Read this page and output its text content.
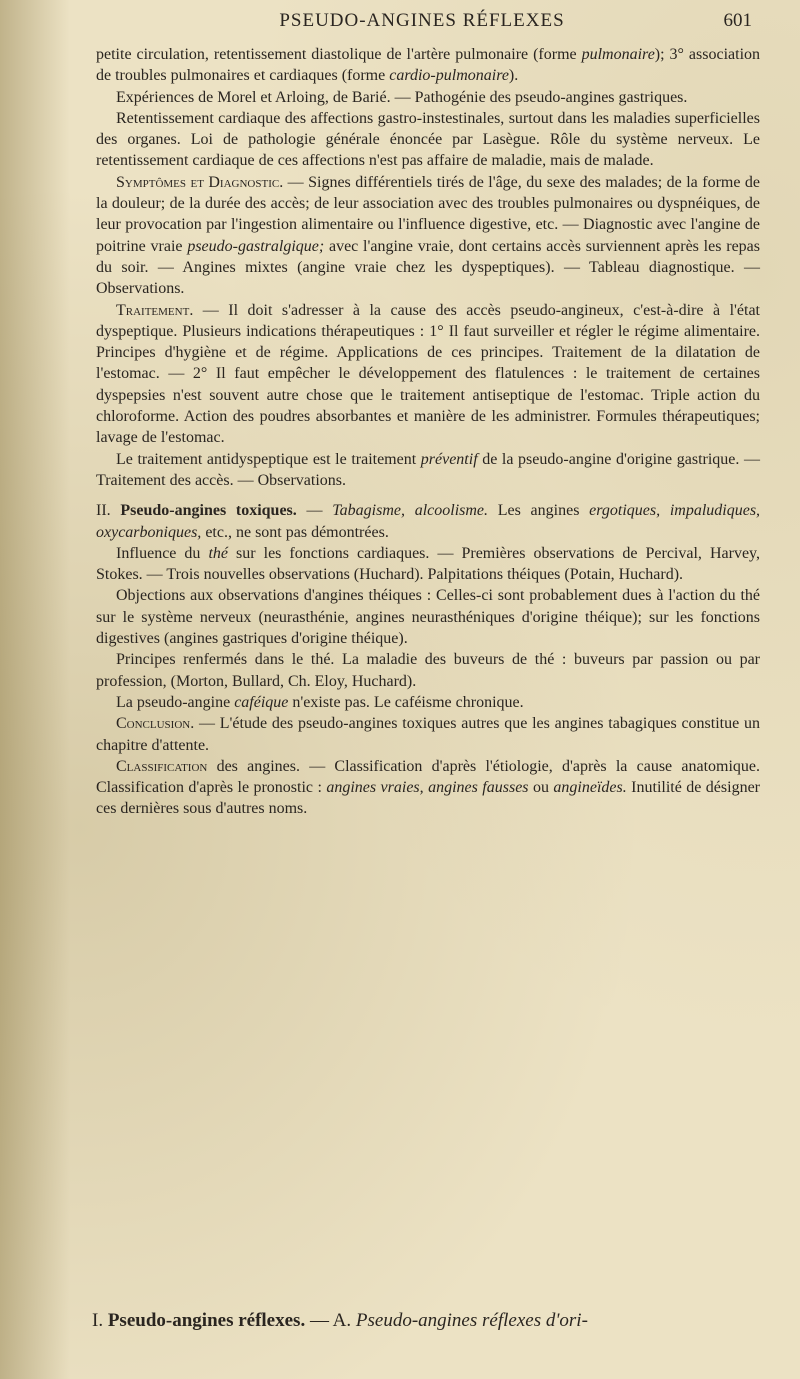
PSEUDO-ANGINES RÉFLEXES	601

petite circulation, retentissement diastolique de l'artère pulmonaire (forme pulmonaire); 3° association de troubles pulmonaires et cardiaques (forme cardio-pulmonaire).

Expériences de Morel et Arloing, de Barié. — Pathogénie des pseudo-angines gastriques.

Retentissement cardiaque des affections gastro-instestinales, surtout dans les maladies superficielles des organes. Loi de pathologie générale énoncée par Lasègue. Rôle du système nerveux. Le retentissement cardiaque de ces affections n'est pas affaire de maladie, mais de malade.

Symptômes et Diagnostic. — Signes différentiels tirés de l'âge, du sexe des malades; de la forme de la douleur; de la durée des accès; de leur association avec des troubles pulmonaires ou dyspnéiques, de leur provocation par l'ingestion alimentaire ou l'influence digestive, etc. — Diagnostic avec l'angine de poitrine vraie pseudo-gastralgique; avec l'angine vraie, dont certains accès surviennent après les repas du soir. — Angines mixtes (angine vraie chez les dyspeptiques). — Tableau diagnostique. — Observations.

Traitement. — Il doit s'adresser à la cause des accès pseudo-angineux, c'est-à-dire à l'état dyspeptique. Plusieurs indications thérapeutiques : 1° Il faut surveiller et régler le régime alimentaire. Principes d'hygiène et de régime. Applications de ces principes. Traitement de la dilatation de l'estomac. — 2° Il faut empêcher le développement des flatulences : le traitement de certaines dyspepsies n'est souvent autre chose que le traitement antiseptique de l'estomac. Triple action du chloroforme. Action des poudres absorbantes et manière de les administrer. Formules thérapeutiques; lavage de l'estomac.

Le traitement antidyspeptique est le traitement préventif de la pseudo-angine d'origine gastrique. — Traitement des accès. — Observations.

II. Pseudo-angines toxiques. — Tabagisme, alcoolisme. Les angines ergotiques, impaludiques, oxycarboniques, etc., ne sont pas démontrées.

Influence du thé sur les fonctions cardiaques. — Premières observations de Percival, Harvey, Stokes. — Trois nouvelles observations (Huchard). Palpitations théiques (Potain, Huchard).

Objections aux observations d'angines théiques : Celles-ci sont probablement dues à l'action du thé sur le système nerveux (neurasthénie, angines neurasthéniques d'origine théique); sur les fonctions digestives (angines gastriques d'origine théique).

Principes renfermés dans le thé. La maladie des buveurs de thé : buveurs par passion ou par profession, (Morton, Bullard, Ch. Eloy, Huchard).

La pseudo-angine caféique n'existe pas. Le caféisme chronique.

Conclusion. — L'étude des pseudo-angines toxiques autres que les angines tabagiques constitue un chapitre d'attente.

Classification des angines. — Classification d'après l'étiologie, d'après la cause anatomique. Classification d'après le pronostic : angines vraies, angines fausses ou angineïdes. Inutilité de désigner ces dernières sous d'autres noms.

I. Pseudo-angines réflexes. — A. Pseudo-angines réflexes d'ori-
